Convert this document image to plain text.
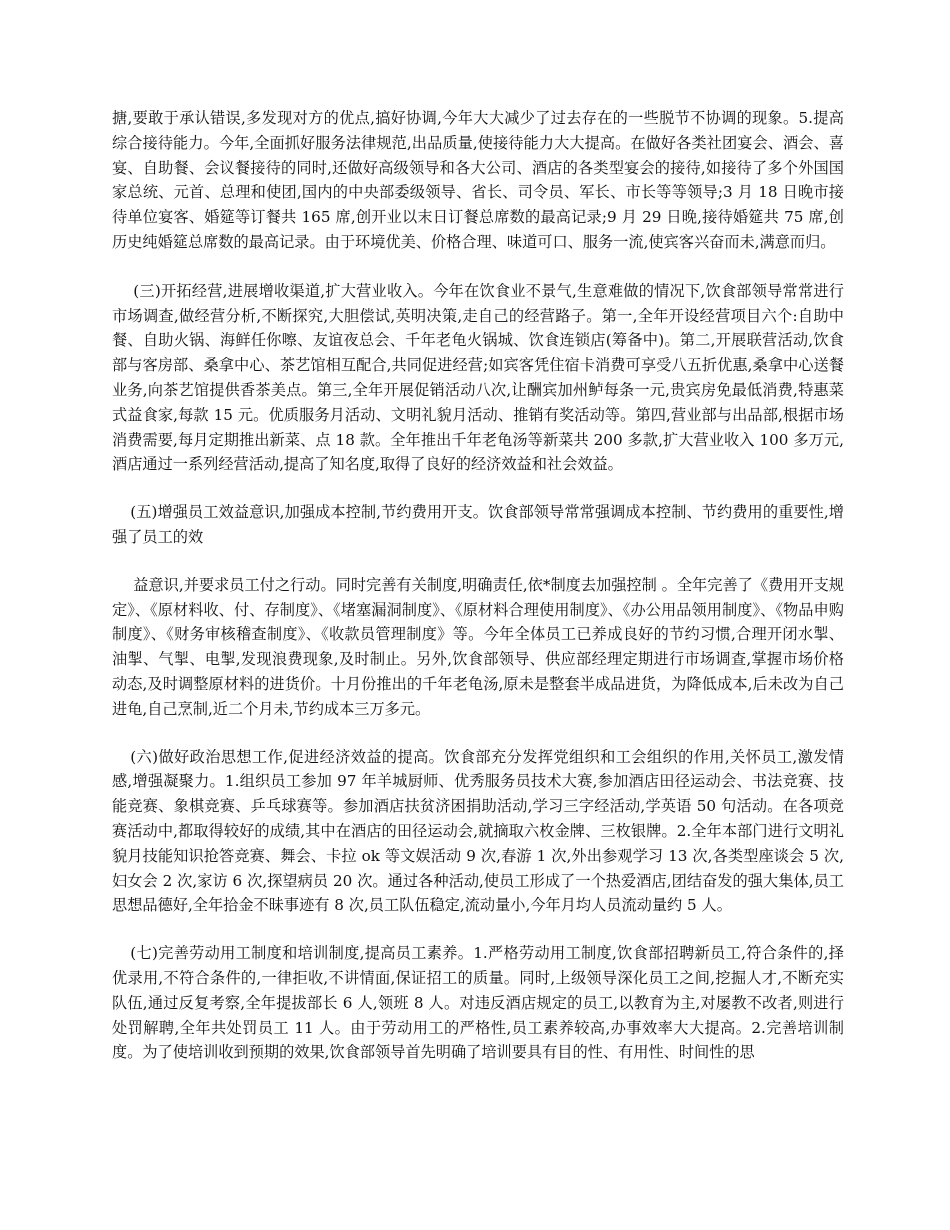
搪,要敢于承认错误,多发现对方的优点,搞好协调,今年大大减少了过去存在的一些脱节不协调的现象。5.提高综合接待能力。今年,全面抓好服务法律规范,出品质量,使接待能力大大提高。在做好各类社团宴会、酒会、喜宴、自助餐、会议餐接待的同时,还做好高级领导和各大公司、酒店的各类型宴会的接待,如接待了多个外国国家总统、元首、总理和使团,国内的中央部委级领导、省长、司令员、军长、市长等等领导;3 月 18 日晚市接待单位宴客、婚筵等订餐共 165 席,创开业以末日订餐总席数的最高记录;9 月 29 日晚,接待婚筵共 75 席,创历史纯婚筵总席数的最高记录。由于环境优美、价格合理、味道可口、服务一流,使宾客兴奋而未,满意而归。

(三)开拓经营,进展增收渠道,扩大营业收入。今年在饮食业不景气,生意难做的情况下,饮食部领导常常进行市场调查,做经营分析,不断探究,大胆偿试,英明决策,走自己的经营路子。第一,全年开设经营项目六个:自助中餐、自助火锅、海鲜任你嚓、友谊夜总会、千年老龟火锅城、饮食连锁店(筹备中)。第二,开展联营活动,饮食部与客房部、桑拿中心、茶艺馆相互配合,共同促进经营;如宾客凭住宿卡消费可享受八五折优惠,桑拿中心送餐业务,向茶艺馆提供香茶美点。第三,全年开展促销活动八次,让酬宾加州鲈每条一元,贵宾房免最低消费,特惠菜式益食家,每款 15 元。优质服务月活动、文明礼貌月活动、推销有奖活动等。第四,营业部与出品部,根据市场消费需要,每月定期推出新菜、点 18 款。全年推出千年老龟汤等新菜共 200 多款,扩大营业收入 100 多万元,酒店通过一系列经营活动,提高了知名度,取得了良好的经济效益和社会效益。

(五)增强员工效益意识,加强成本控制,节约费用开支。饮食部领导常常强调成本控制、节约费用的重要性,增强了员工的效

益意识,并要求员工付之行动。同时完善有关制度,明确责任,依*制度去加强控制 。全年完善了《费用开支规定》、《原材料收、付、存制度》、《堵塞漏洞制度》、《原材料合理使用制度》、《办公用品领用制度》、《物品申购制度》、《财务审核稽查制度》、《收款员管理制度》等。今年全体员工已养成良好的节约习惯,合理开闭水掣、油掣、气掣、电掣,发现浪费现象,及时制止。另外,饮食部领导、供应部经理定期进行市场调查,掌握市场价格动态,及时调整原材料的进货价。十月份推出的千年老龟汤,原未是整套半成品进货，为降低成本,后未改为自己进龟,自己烹制,近二个月未,节约成本三万多元。

(六)做好政治思想工作,促进经济效益的提高。饮食部充分发挥党组织和工会组织的作用,关怀员工,激发情感,增强凝聚力。1.组织员工参加 97 年羊城厨师、优秀服务员技术大赛,参加酒店田径运动会、书法竞赛、技能竞赛、象棋竞赛、乒乓球赛等。参加酒店扶贫济困捐助活动,学习三字经活动,学英语 50 句活动。在各项竞赛活动中,都取得较好的成绩,其中在酒店的田径运动会,就摘取六枚金牌、三枚银牌。2.全年本部门进行文明礼貌月技能知识抢答竞赛、舞会、卡拉 ok 等文娱活动 9 次,春游 1 次,外出参观学习 13 次,各类型座谈会 5 次,妇女会 2 次,家访 6 次,探望病员 20 次。通过各种活动,使员工形成了一个热爱酒店,团结奋发的强大集体,员工思想品德好,全年拾金不昧事迹有 8 次,员工队伍稳定,流动量小,今年月均人员流动量约 5 人。

(七)完善劳动用工制度和培训制度,提高员工素养。1.严格劳动用工制度,饮食部招聘新员工,符合条件的,择优录用,不符合条件的,一律拒收,不讲情面,保证招工的质量。同时,上级领导深化员工之间,挖掘人才,不断充实队伍,通过反复考察,全年提拔部长 6 人,领班 8 人。对违反酒店规定的员工,以教育为主,对屡教不改者,则进行处罚解聘,全年共处罚员工 11 人。由于劳动用工的严格性,员工素养较高,办事效率大大提高。2.完善培训制度。为了使培训收到预期的效果,饮食部领导首先明确了培训要具有目的性、有用性、时间性的思
